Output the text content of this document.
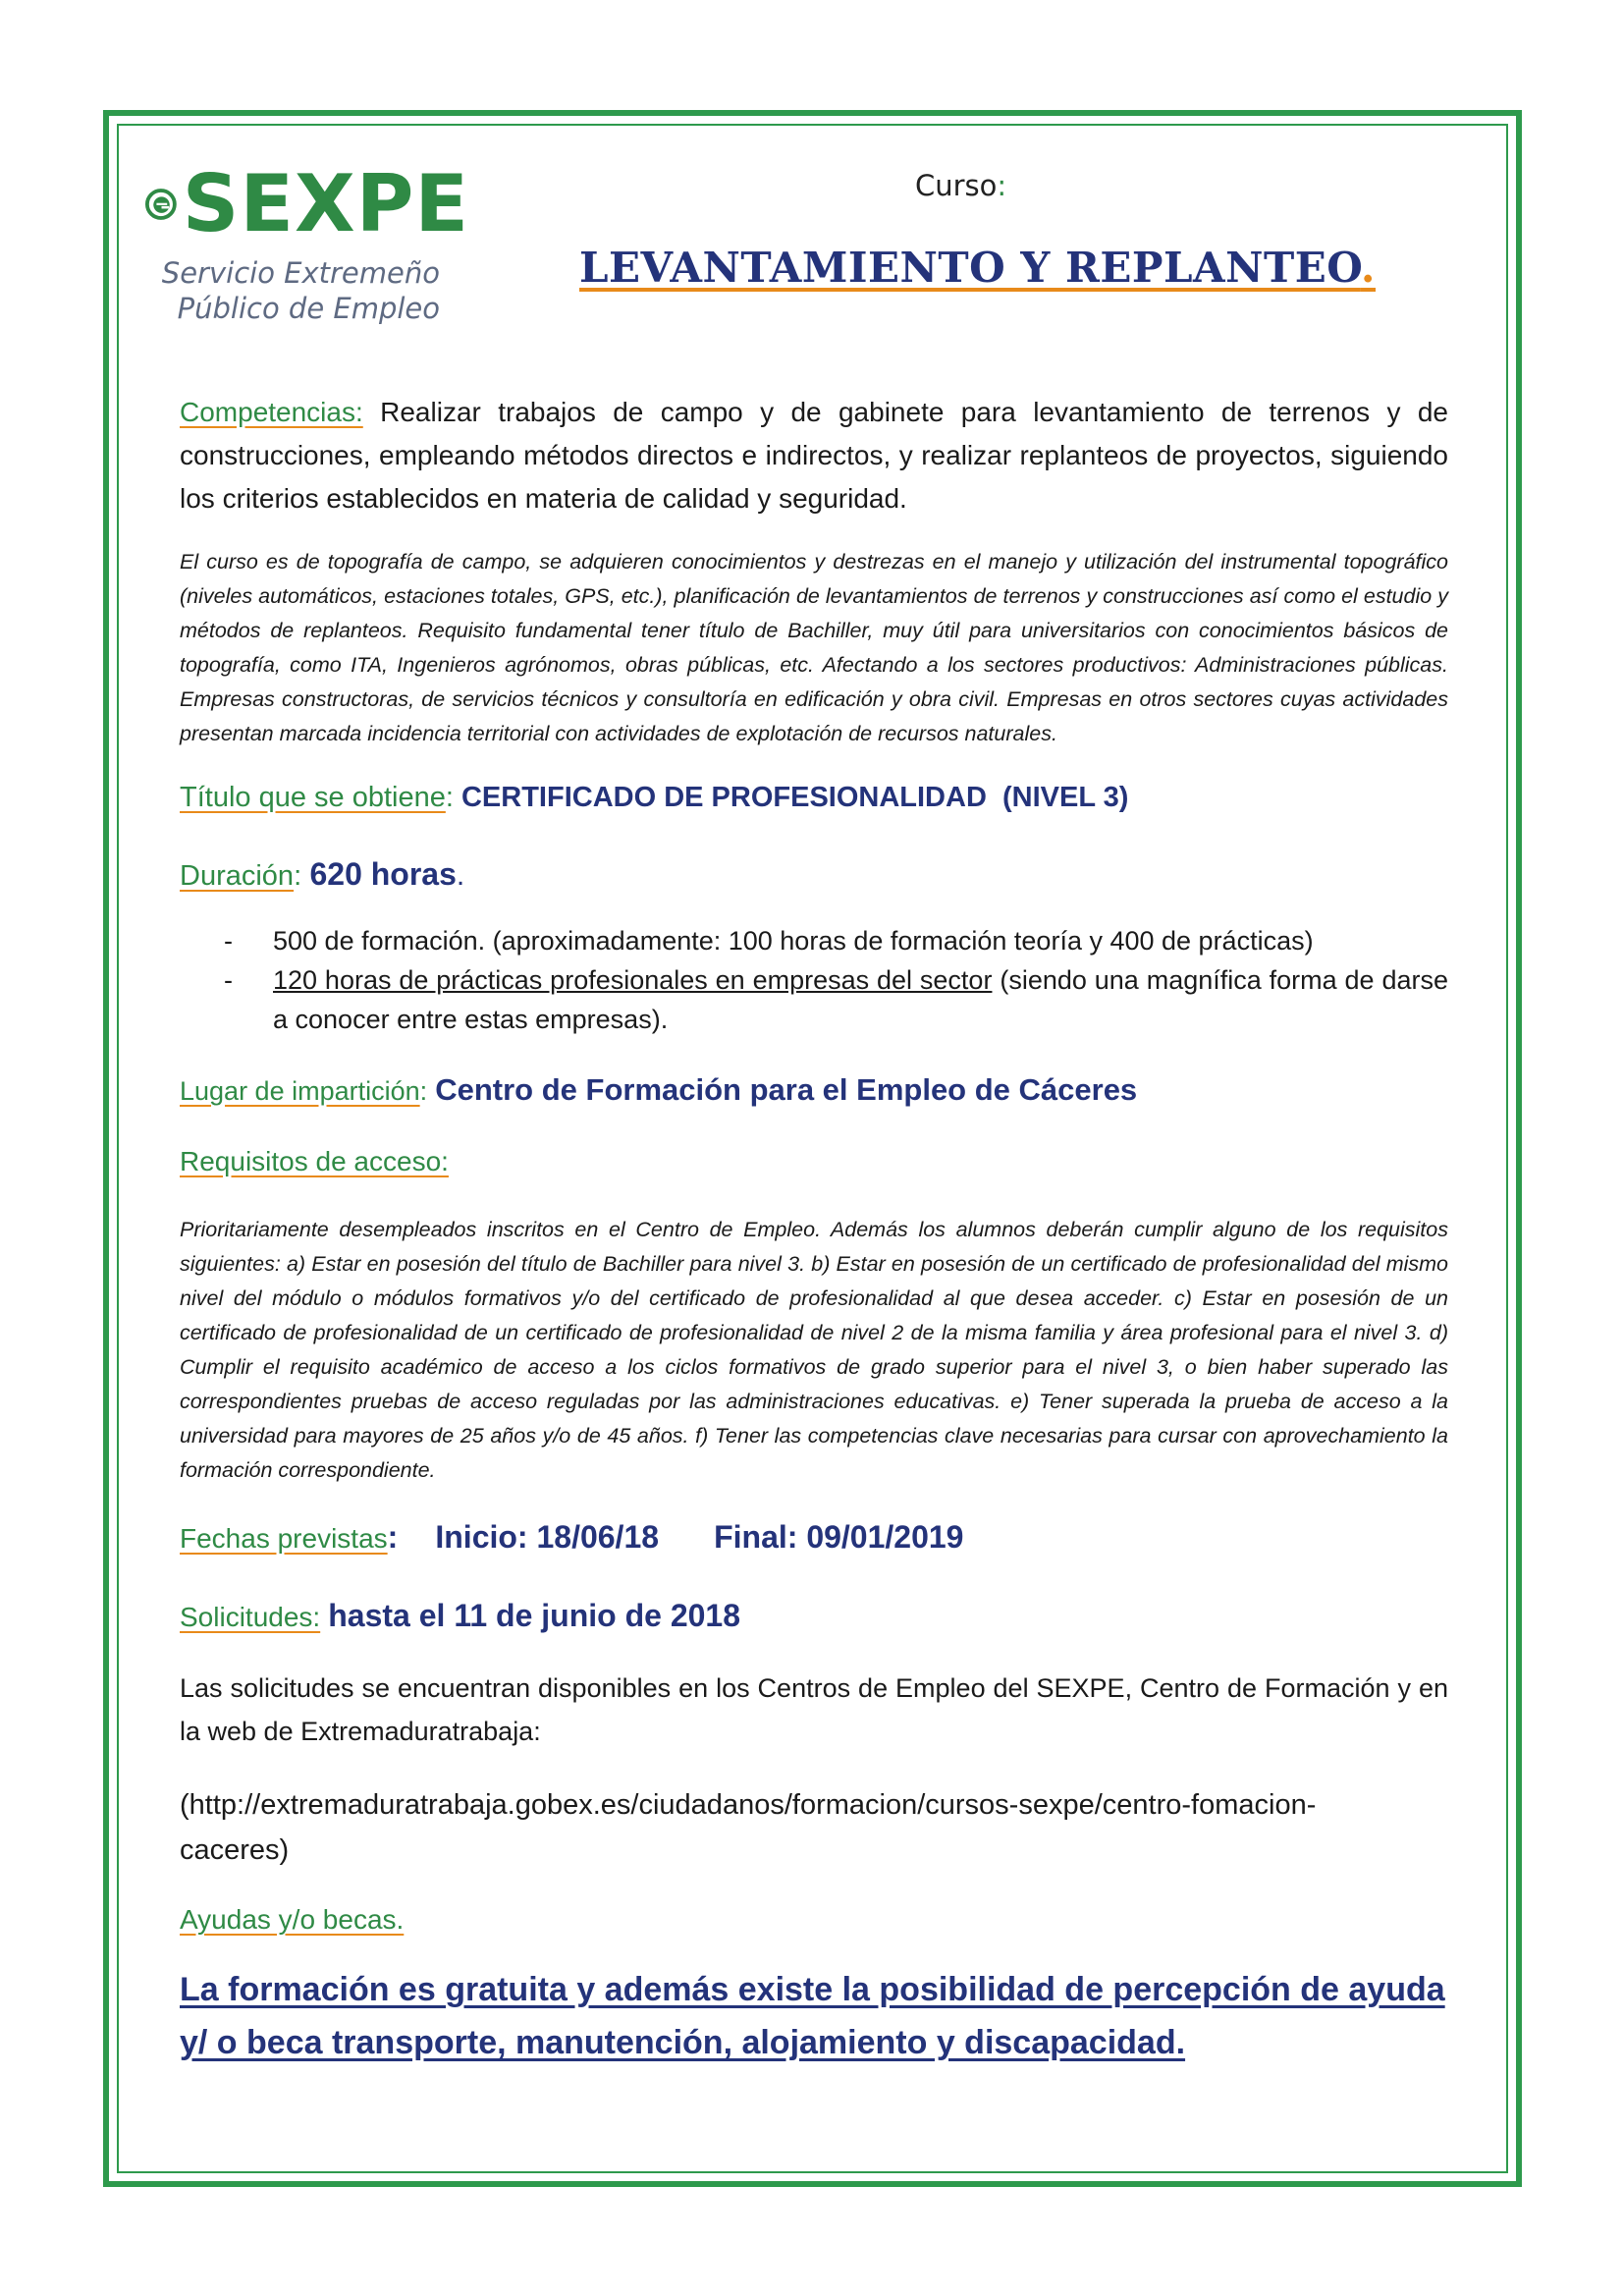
SEXPE
Servicio Extremeño
Público de Empleo
Curso:
LEVANTAMIENTO Y REPLANTEO.

Competencias: Realizar trabajos de campo y de gabinete para levantamiento de terrenos y de construcciones, empleando métodos directos e indirectos, y realizar replanteos de proyectos, siguiendo los criterios establecidos en materia de calidad y seguridad.

El curso es de topografía de campo, se adquieren conocimientos y destrezas en el manejo y utilización del instrumental topográfico (niveles automáticos, estaciones totales, GPS, etc.), planificación de levantamientos de terrenos y construcciones así como el estudio y métodos de replanteos. Requisito fundamental tener título de Bachiller, muy útil para universitarios con conocimientos básicos de topografía, como ITA, Ingenieros agrónomos, obras públicas, etc. Afectando a los sectores productivos: Administraciones públicas. Empresas constructoras, de servicios técnicos y consultoría en edificación y obra civil. Empresas en otros sectores cuyas actividades presentan marcada incidencia territorial con actividades de explotación de recursos naturales.

Título que se obtiene: CERTIFICADO DE PROFESIONALIDAD  (NIVEL 3)

Duración: 620 horas.

- 500 de formación. (aproximadamente: 100 horas de formación teoría y 400 de prácticas)
- 120 horas de prácticas profesionales en empresas del sector (siendo una magnífica forma de darse a conocer entre estas empresas).

Lugar de impartición: Centro de Formación para el Empleo de Cáceres

Requisitos de acceso:

Prioritariamente desempleados inscritos en el Centro de Empleo. Además los alumnos deberán cumplir alguno de los requisitos siguientes: a) Estar en posesión del título de Bachiller para nivel 3. b) Estar en posesión de un certificado de profesionalidad del mismo nivel del módulo o módulos formativos y/o del certificado de profesionalidad al que desea acceder. c) Estar en posesión de un certificado de profesionalidad de un certificado de profesionalidad de nivel 2 de la misma familia y área profesional para el nivel 3. d) Cumplir el requisito académico de acceso a los ciclos formativos de grado superior para el nivel 3, o bien haber superado las correspondientes pruebas de acceso reguladas por las administraciones educativas. e) Tener superada la prueba de acceso a la universidad para mayores de 25 años y/o de 45 años. f) Tener las competencias clave necesarias para cursar con aprovechamiento la formación correspondiente.

Fechas previstas: Inicio: 18/06/18 Final: 09/01/2019

Solicitudes: hasta el 11 de junio de 2018

Las solicitudes se encuentran disponibles en los Centros de Empleo del SEXPE, Centro de Formación y en la web de Extremaduratrabaja:

(http://extremaduratrabaja.gobex.es/ciudadanos/formacion/cursos-sexpe/centro-fomacion-
caceres)

Ayudas y/o becas.

La formación es gratuita y además existe la posibilidad de percepción de ayuda y/ o beca transporte, manutención, alojamiento y discapacidad.
